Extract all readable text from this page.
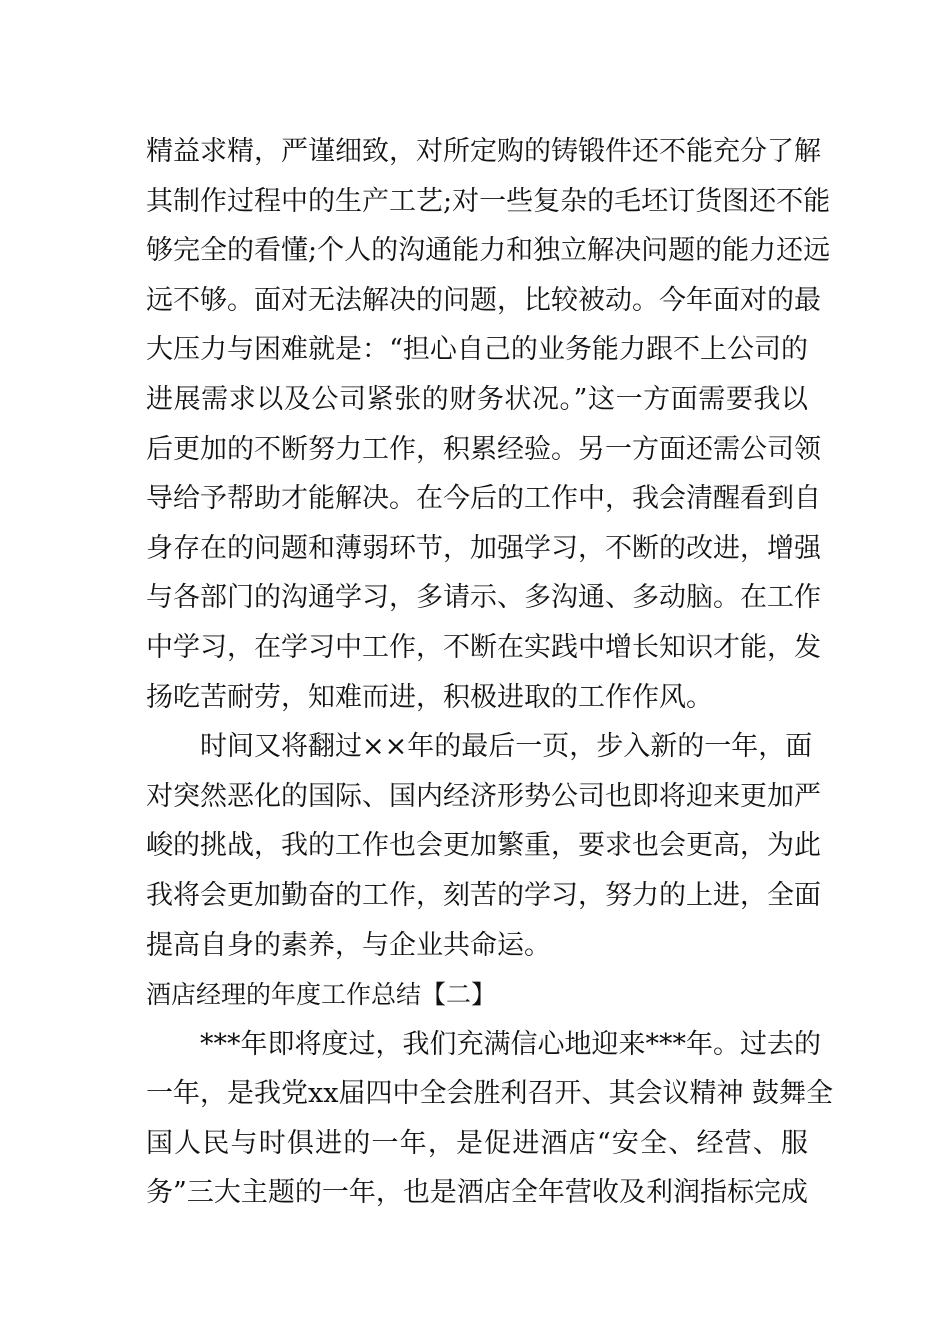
精益求精，严谨细致，对所定购的铸锻件还不能充分了解
其制作过程中的生产工艺;对一些复杂的毛坯订货图还不能
够完全的看懂;个人的沟通能力和独立解决问题的能力还远
远不够。面对无法解决的问题，比较被动。今年面对的最
大压力与困难就是：“担心自己的业务能力跟不上公司的
进展需求以及公司紧张的财务状况。”这一方面需要我以
后更加的不断努力工作，积累经验。另一方面还需公司领
导给予帮助才能解决。在今后的工作中，我会清醒看到自
身存在的问题和薄弱环节，加强学习，不断的改进，增强
与各部门的沟通学习，多请示、多沟通、多动脑。在工作
中学习，在学习中工作，不断在实践中增长知识才能，发
扬吃苦耐劳，知难而进，积极进取的工作作风。
时间又将翻过××年的最后一页，步入新的一年，面
对突然恶化的国际、国内经济形势公司也即将迎来更加严
峻的挑战，我的工作也会更加繁重，要求也会更高，为此
我将会更加勤奋的工作，刻苦的学习，努力的上进，全面
提高自身的素养，与企业共命运。
酒店经理的年度工作总结【二】
***年即将度过，我们充满信心地迎来***年。过去的
一年，是我党xx届四中全会胜利召开、其会议精神 鼓舞全
国人民与时俱进的一年，是促进酒店“安全、经营、服
务”三大主题的一年，也是酒店全年营收及利润指标完成
